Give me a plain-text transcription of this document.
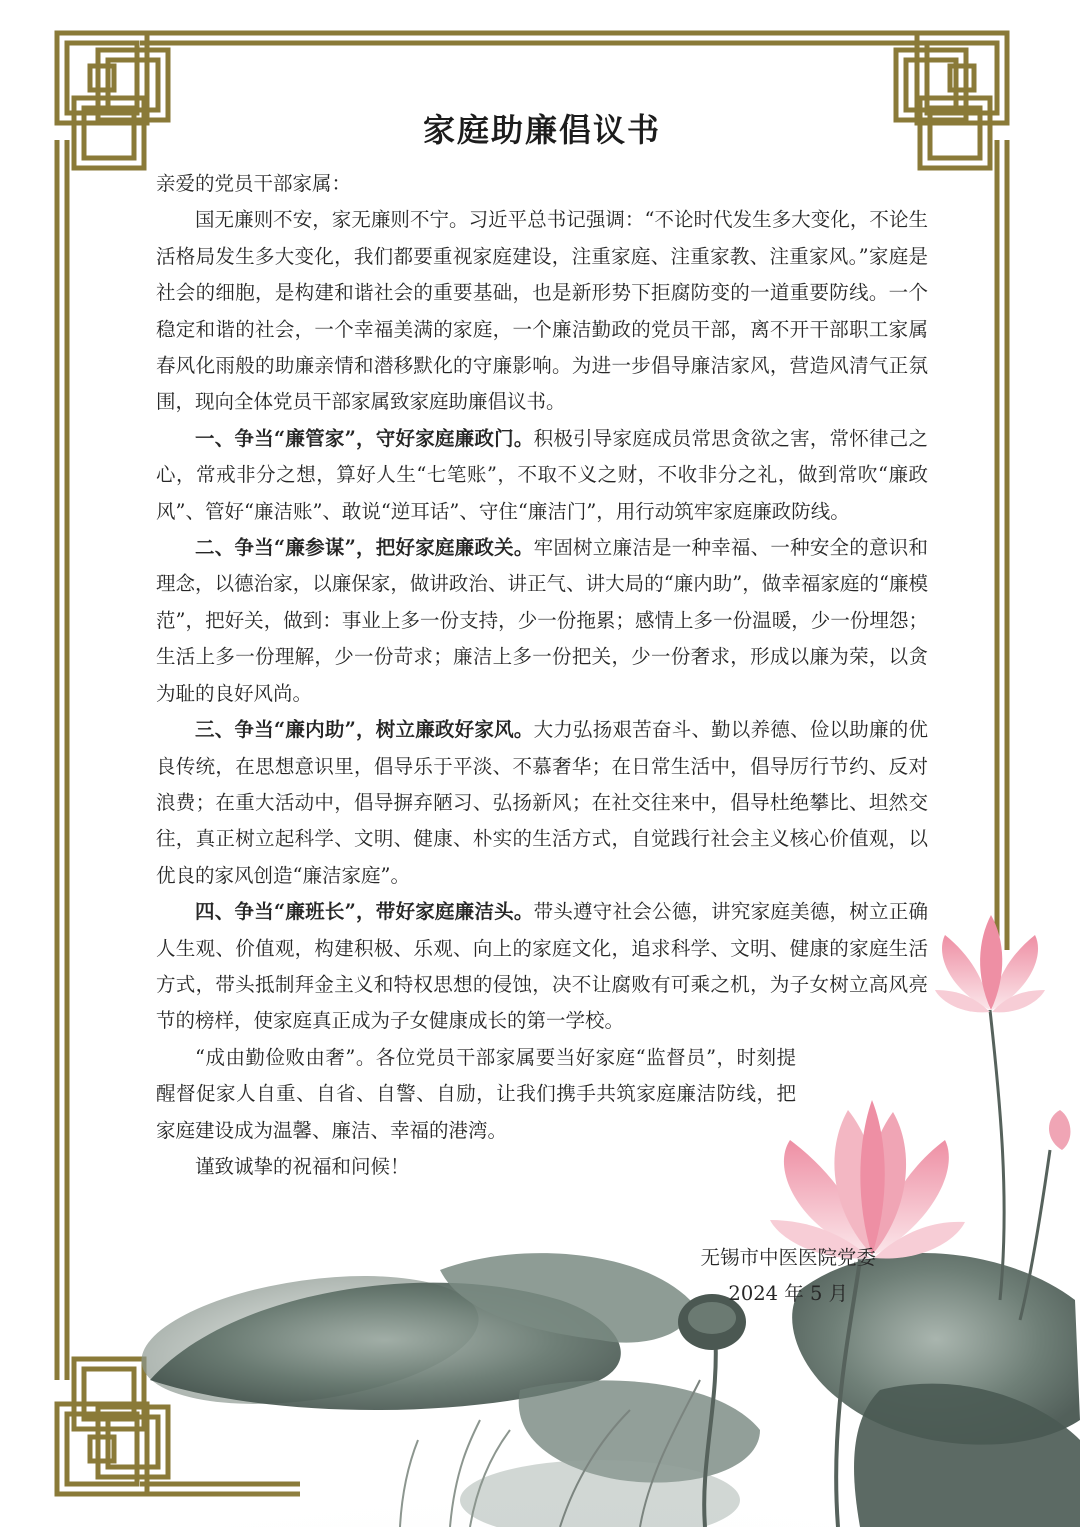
家庭助廉倡议书

亲爱的党员干部家属：

国无廉则不安，家无廉则不宁。习近平总书记强调：“不论时代发生多大变化，不论生活格局发生多大变化，我们都要重视家庭建设，注重家庭、注重家教、注重家风。”家庭是社会的细胞，是构建和谐社会的重要基础，也是新形势下拒腐防变的一道重要防线。一个稳定和谐的社会，一个幸福美满的家庭，一个廉洁勤政的党员干部，离不开干部职工家属春风化雨般的助廉亲情和潜移默化的守廉影响。为进一步倡导廉洁家风，营造风清气正氛围，现向全体党员干部家属致家庭助廉倡议书。

一、争当“廉管家”，守好家庭廉政门。积极引导家庭成员常思贪欲之害，常怀律己之心，常戒非分之想，算好人生“七笔账”，不取不义之财，不收非分之礼，做到常吹“廉政风”、管好“廉洁账”、敢说“逆耳话”、守住“廉洁门”，用行动筑牢家庭廉政防线。

二、争当“廉参谋”，把好家庭廉政关。牢固树立廉洁是一种幸福、一种安全的意识和理念，以德治家，以廉保家，做讲政治、讲正气、讲大局的“廉内助”，做幸福家庭的“廉模范”，把好关，做到：事业上多一份支持，少一份拖累；感情上多一份温暖，少一份埋怨；生活上多一份理解，少一份苛求；廉洁上多一份把关，少一份奢求，形成以廉为荣，以贪为耻的良好风尚。

三、争当“廉内助”，树立廉政好家风。大力弘扬艰苦奋斗、勤以养德、俭以助廉的优良传统，在思想意识里，倡导乐于平淡、不慕奢华；在日常生活中，倡导厉行节约、反对浪费；在重大活动中，倡导摒弃陋习、弘扬新风；在社交往来中，倡导杜绝攀比、坦然交往，真正树立起科学、文明、健康、朴实的生活方式，自觉践行社会主义核心价值观，以优良的家风创造“廉洁家庭”。

四、争当“廉班长”，带好家庭廉洁头。带头遵守社会公德，讲究家庭美德，树立正确人生观、价值观，构建积极、乐观、向上的家庭文化，追求科学、文明、健康的家庭生活方式，带头抵制拜金主义和特权思想的侵蚀，决不让腐败有可乘之机，为子女树立高风亮节的榜样，使家庭真正成为子女健康成长的第一学校。

“成由勤俭败由奢”。各位党员干部家属要当好家庭“监督员”，时刻提醒督促家人自重、自省、自警、自励，让我们携手共筑家庭廉洁防线，把家庭建设成为温馨、廉洁、幸福的港湾。

谨致诚挚的祝福和问候！

无锡市中医医院党委
2024 年 5 月
